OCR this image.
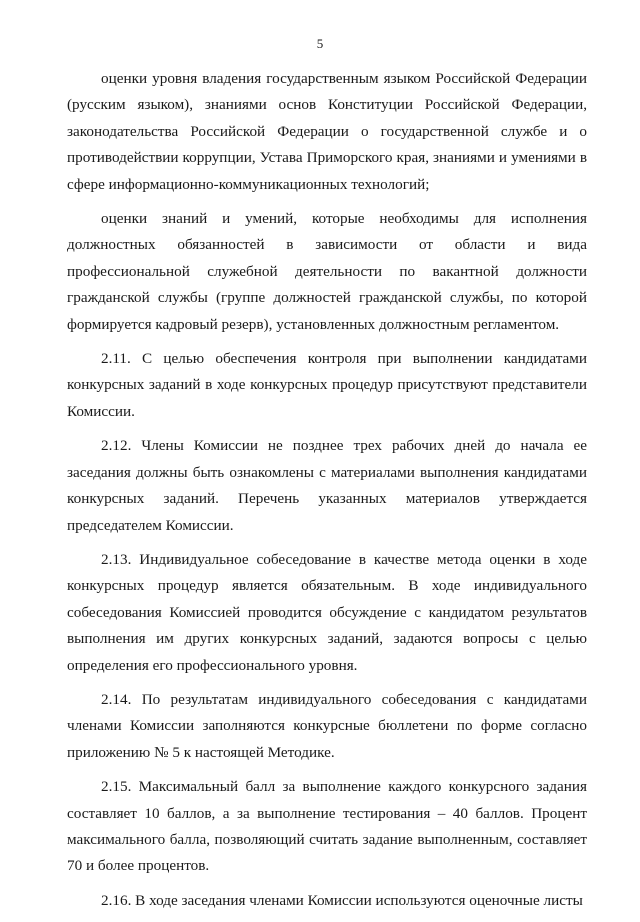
5

оценки уровня владения государственным языком Российской Федерации (русским языком), знаниями основ Конституции Российской Федерации, законодательства Российской Федерации о государственной службе и о противодействии коррупции, Устава Приморского края, знаниями и умениями в сфере информационно-коммуникационных технологий;

оценки знаний и умений, которые необходимы для исполнения должностных обязанностей в зависимости от области и вида профессиональной служебной деятельности по вакантной должности гражданской службы (группе должностей гражданской службы, по которой формируется кадровый резерв), установленных должностным регламентом.

2.11. С целью обеспечения контроля при выполнении кандидатами конкурсных заданий в ходе конкурсных процедур присутствуют представители Комиссии.

2.12. Члены Комиссии не позднее трех рабочих дней до начала ее заседания должны быть ознакомлены с материалами выполнения кандидатами конкурсных заданий. Перечень указанных материалов утверждается председателем Комиссии.

2.13. Индивидуальное собеседование в качестве метода оценки в ходе конкурсных процедур является обязательным. В ходе индивидуального собеседования Комиссией проводится обсуждение с кандидатом результатов выполнения им других конкурсных заданий, задаются вопросы с целью определения его профессионального уровня.

2.14. По результатам индивидуального собеседования с кандидатами членами Комиссии заполняются конкурсные бюллетени по форме согласно приложению № 5 к настоящей Методике.

2.15. Максимальный балл за выполнение каждого конкурсного задания составляет 10 баллов, а за выполнение тестирования – 40 баллов. Процент максимального балла, позволяющий считать задание выполненным, составляет 70 и более процентов.

2.16. В ходе заседания членами Комиссии используются оценочные листы
